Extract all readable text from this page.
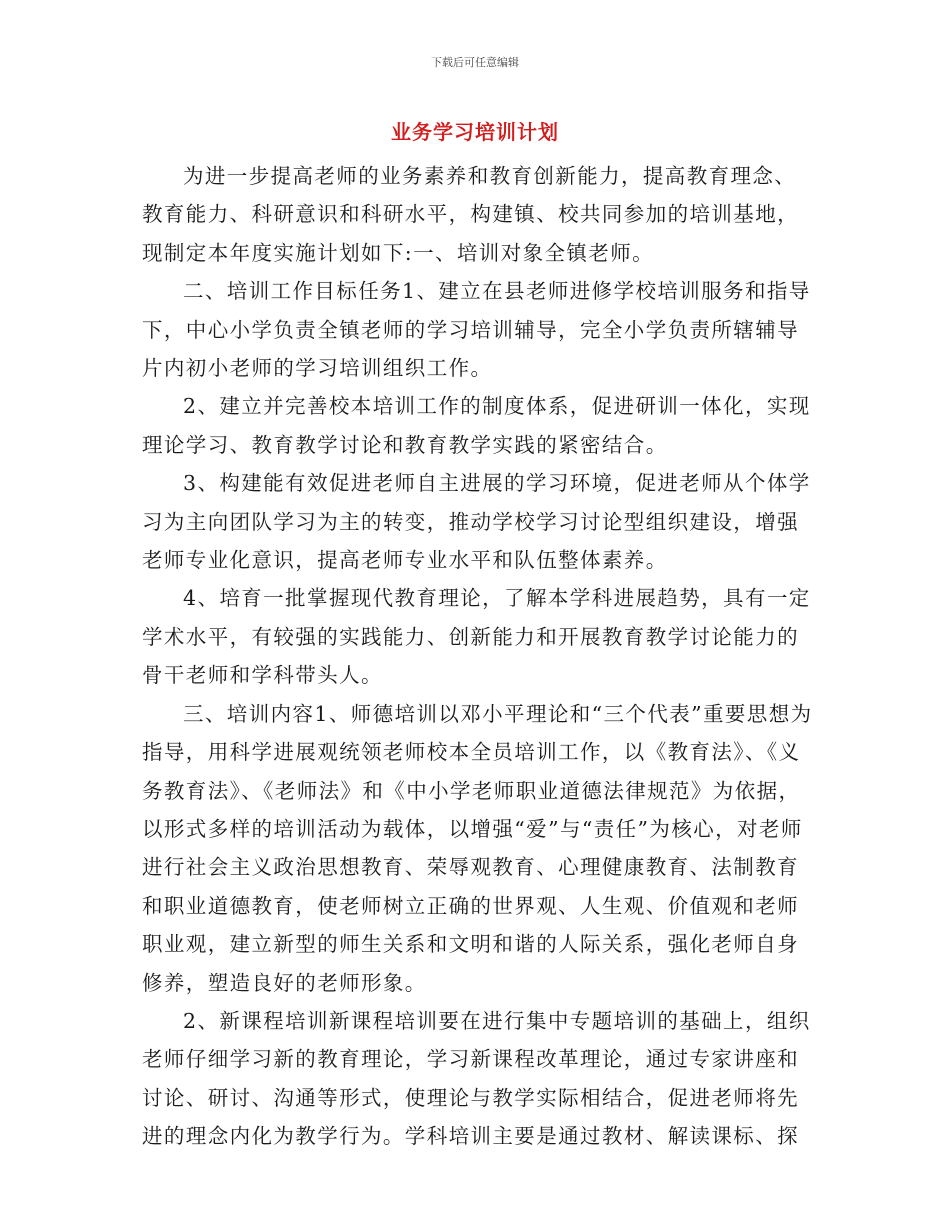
下载后可任意编辑
业务学习培训计划

为进一步提高老师的业务素养和教育创新能力，提高教育理念、教育能力、科研意识和科研水平，构建镇、校共同参加的培训基地，现制定本年度实施计划如下:一、培训对象全镇老师。

二、培训工作目标任务1、建立在县老师进修学校培训服务和指导下，中心小学负责全镇老师的学习培训辅导，完全小学负责所辖辅导片内初小老师的学习培训组织工作。

2、建立并完善校本培训工作的制度体系，促进研训一体化，实现理论学习、教育教学讨论和教育教学实践的紧密结合。

3、构建能有效促进老师自主进展的学习环境，促进老师从个体学习为主向团队学习为主的转变，推动学校学习讨论型组织建设，增强老师专业化意识，提高老师专业水平和队伍整体素养。

4、培育一批掌握现代教育理论，了解本学科进展趋势，具有一定学术水平，有较强的实践能力、创新能力和开展教育教学讨论能力的骨干老师和学科带头人。

三、培训内容1、师德培训以邓小平理论和“三个代表”重要思想为指导，用科学进展观统领老师校本全员培训工作，以《教育法》、《义务教育法》、《老师法》和《中小学老师职业道德法律规范》为依据，以形式多样的培训活动为载体，以增强“爱”与“责任”为核心，对老师进行社会主义政治思想教育、荣辱观教育、心理健康教育、法制教育和职业道德教育，使老师树立正确的世界观、人生观、价值观和老师职业观，建立新型的师生关系和文明和谐的人际关系，强化老师自身修养，塑造良好的老师形象。

2、新课程培训新课程培训要在进行集中专题培训的基础上，组织老师仔细学习新的教育理论，学习新课程改革理论，通过专家讲座和讨论、研讨、沟通等形式，使理论与教学实际相结合，促进老师将先进的理念内化为教学行为。学科培训主要是通过教材、解读课标、探
